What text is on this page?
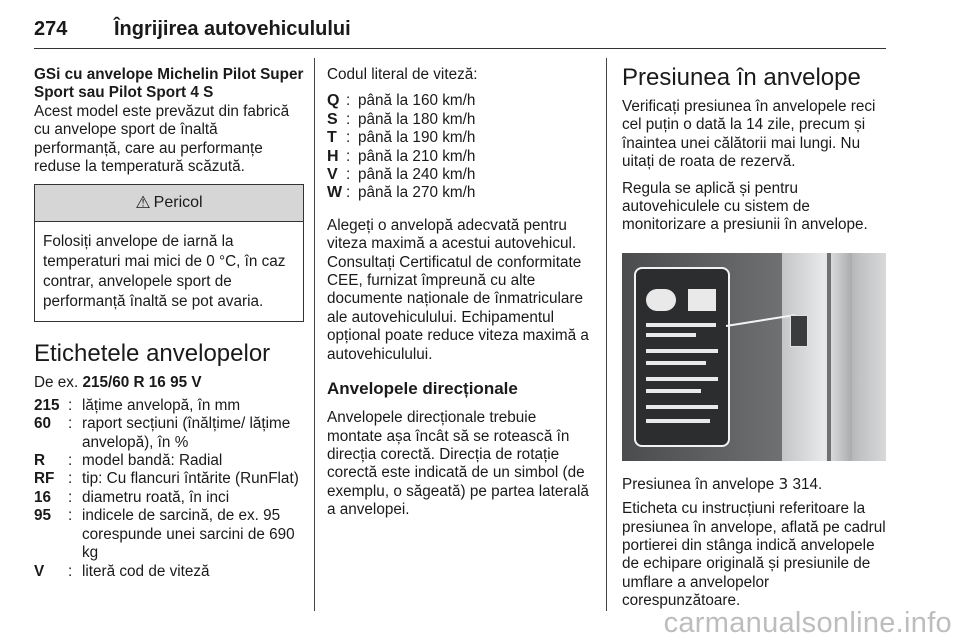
274 Îngrijirea autovehiculului

GSi cu anvelope Michelin Pilot Super Sport sau Pilot Sport 4 S

Acest model este prevăzut din fabrică cu anvelope sport de înaltă performanță, care au performanțe reduse la temperatură scăzută.

⚠ Pericol
Folosiți anvelope de iarnă la temperaturi mai mici de 0 °C, în caz contrar, anvelopele sport de performanță înaltă se pot avaria.

Etichetele anvelopelor

De ex. 215/60 R 16 95 V

215 : lățime anvelopă, în mm
60	: raport secțiuni (înălțime/ lățime anvelopă), în %
R	: model bandă: Radial
RF : tip: Cu flancuri întărite (RunFlat)
16	: diametru roată, în inci
95	: indicele de sarcină, de ex. 95 corespunde unei sarcini de 690 kg
V	: literă cod de viteză

Codul literal de viteză:

Q : până la 160 km/h
S : până la 180 km/h
T : până la 190 km/h
H : până la 210 km/h
V : până la 240 km/h
W : până la 270 km/h

Alegeți o anvelopă adecvată pentru viteza maximă a acestui autovehicul. Consultați Certificatul de conformitate CEE, furnizat împreună cu alte documente naționale de înmatriculare ale autovehiculului. Echipamentul opțional poate reduce viteza maximă a autovehiculului.

Anvelopele direcționale

Anvelopele direcționale trebuie montate așa încât să se rotească în direcția corectă. Direcția de rotație corectă este indicată de un simbol (de exemplu, o săgeată) pe partea laterală a anvelopei.

Presiunea în anvelope

Verificați presiunea în anvelopele reci cel puțin o dată la 14 zile, precum și înaintea unei călătorii mai lungi. Nu uitați de roata de rezervă.

Regula se aplică și pentru autovehiculele cu sistem de monitorizare a presiunii în anvelope.

Presiunea în anvelope 3 314.

Eticheta cu instrucțiuni referitoare la presiunea în anvelope, aflată pe cadrul portierei din stânga indică anvelopele de echipare originală și presiunile de umflare a anvelopelor corespunzătoare.

carmanualsonline.info
